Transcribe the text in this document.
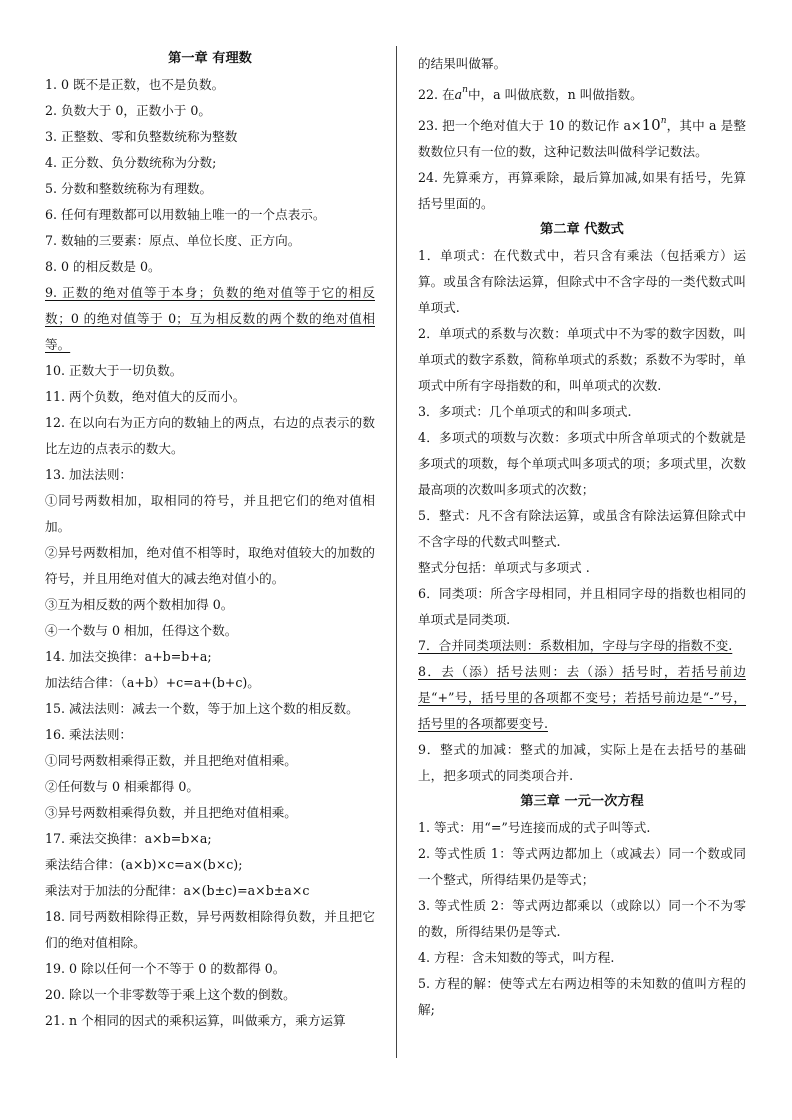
第一章 有理数

1. 0 既不是正数，也不是负数。

2. 负数大于 0，正数小于 0。

3. 正整数、零和负整数统称为整数

4. 正分数、负分数统称为分数;

5. 分数和整数统称为有理数。

6. 任何有理数都可以用数轴上唯一的一个点表示。

7. 数轴的三要素：原点、单位长度、正方向。

8. 0 的相反数是 0。

9. 正数的绝对值等于本身；负数的绝对值等于它的相反数；0 的绝对值等于 0；互为相反数的两个数的绝对值相等。

10. 正数大于一切负数。

11. 两个负数，绝对值大的反而小。

12. 在以向右为正方向的数轴上的两点，右边的点表示的数比左边的点表示的数大。

13. 加法法则：

①同号两数相加，取相同的符号，并且把它们的绝对值相加。

②异号两数相加，绝对值不相等时，取绝对值较大的加数的符号，并且用绝对值大的减去绝对值小的。

③互为相反数的两个数相加得 0。

④一个数与 0 相加，任得这个数。

14. 加法交换律：a+b=b+a;

加法结合律：（a+b）+c=a+(b+c)。

15. 减法法则：减去一个数，等于加上这个数的相反数。

16. 乘法法则：

①同号两数相乘得正数，并且把绝对值相乘。

②任何数与 0 相乘都得 0。

③异号两数相乘得负数，并且把绝对值相乘。

17. 乘法交换律：a×b=b×a;

乘法结合律：(a×b)×c=a×(b×c);

乘法对于加法的分配律：a×(b±c)=a×b±a×c

18. 同号两数相除得正数，异号两数相除得负数，并且把它们的绝对值相除。

19. 0 除以任何一个不等于 0 的数都得 0。

20. 除以一个非零数等于乘上这个数的倒数。

21. n 个相同的因式的乘积运算，叫做乘方，乘方运算

的结果叫做幂。

22. 在$a^n$中，a 叫做底数，n 叫做指数。

23. 把一个绝对值大于 10 的数记作 $a\times 10^n$，其中 a 是整数数位只有一位的数，这种记数法叫做科学记数法。

24. 先算乘方，再算乘除，最后算加减,如果有括号，先算括号里面的。

第二章 代数式

1．单项式：在代数式中，若只含有乘法（包括乘方）运算。或虽含有除法运算，但除式中不含字母的一类代数式叫单项式.

2．单项式的系数与次数：单项式中不为零的数字因数，叫单项式的数字系数，简称单项式的系数；系数不为零时，单项式中所有字母指数的和，叫单项式的次数.

3．多项式：几个单项式的和叫多项式.

4．多项式的项数与次数：多项式中所含单项式的个数就是多项式的项数，每个单项式叫多项式的项；多项式里，次数最高项的次数叫多项式的次数；

5．整式：凡不含有除法运算，或虽含有除法运算但除式中不含字母的代数式叫整式.

整式分包括：单项式与多项式 .

6．同类项：所含字母相同，并且相同字母的指数也相同的单项式是同类项.

7．合并同类项法则：系数相加，字母与字母的指数不变.

8．去（添）括号法则：去（添）括号时，若括号前边是“+”号，括号里的各项都不变号；若括号前边是“-”号，括号里的各项都要变号.

9．整式的加减：整式的加减，实际上是在去括号的基础上，把多项式的同类项合并.

第三章 一元一次方程

1. 等式：用“=”号连接而成的式子叫等式.

2. 等式性质 1：等式两边都加上（或减去）同一个数或同一个整式，所得结果仍是等式；

3. 等式性质 2：等式两边都乘以（或除以）同一个不为零的数，所得结果仍是等式.

4. 方程：含未知数的等式，叫方程.

5. 方程的解：使等式左右两边相等的未知数的值叫方程的解;
